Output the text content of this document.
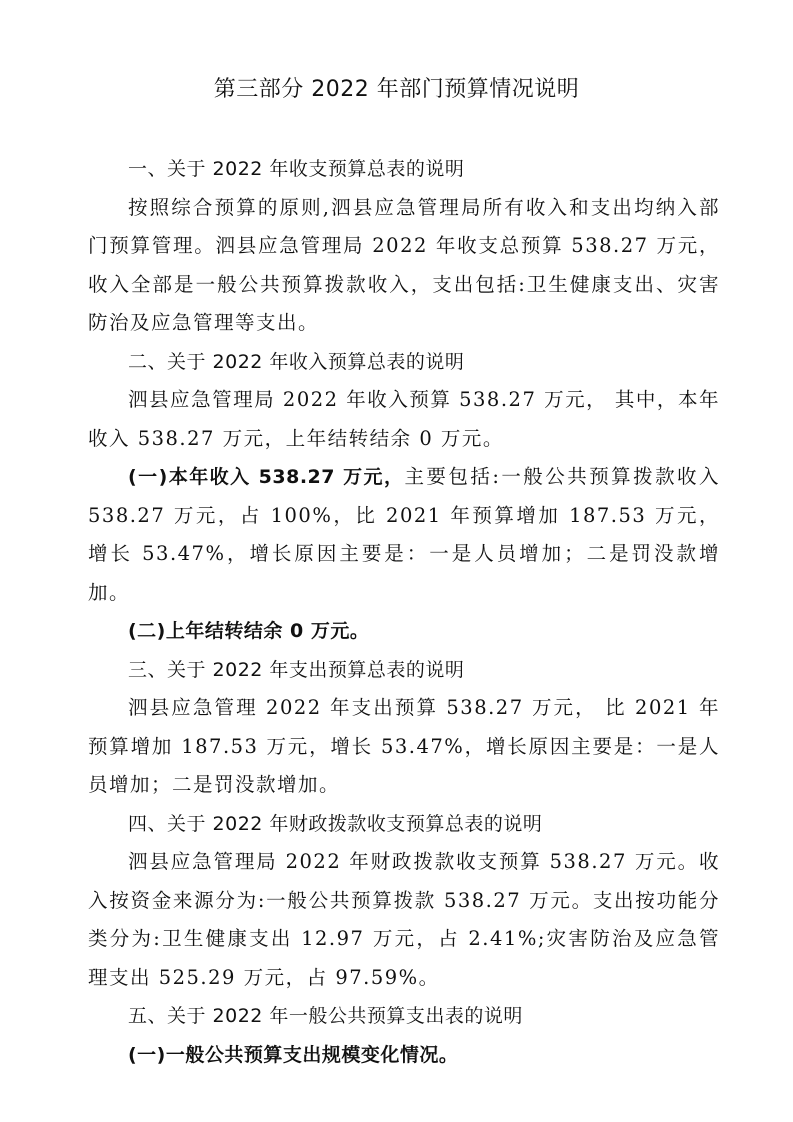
第三部分 2022 年部门预算情况说明

一、关于 2022 年收支预算总表的说明

按照综合预算的原则,泗县应急管理局所有收入和支出均纳入部门预算管理。泗县应急管理局 2022 年收支总预算 538.27 万元，收入全部是一般公共预算拨款收入，支出包括:卫生健康支出、灾害防治及应急管理等支出。

二、关于 2022 年收入预算总表的说明

泗县应急管理局 2022 年收入预算 538.27 万元， 其中，本年收入 538.27 万元，上年结转结余 0 万元。

(一)本年收入 538.27 万元，主要包括:一般公共预算拨款收入 538.27 万元，占 100%，比 2021 年预算增加 187.53 万元，增长 53.47%，增长原因主要是：一是人员增加；二是罚没款增加。

(二)上年结转结余 0 万元。

三、关于 2022 年支出预算总表的说明

泗县应急管理 2022 年支出预算 538.27 万元， 比 2021 年预算增加 187.53 万元，增长 53.47%，增长原因主要是：一是人员增加；二是罚没款增加。

四、关于 2022 年财政拨款收支预算总表的说明

泗县应急管理局 2022 年财政拨款收支预算 538.27 万元。收入按资金来源分为:一般公共预算拨款 538.27 万元。支出按功能分类分为:卫生健康支出 12.97 万元，占 2.41%;灾害防治及应急管理支出 525.29 万元，占 97.59%。

五、关于 2022 年一般公共预算支出表的说明

(一)一般公共预算支出规模变化情况。
